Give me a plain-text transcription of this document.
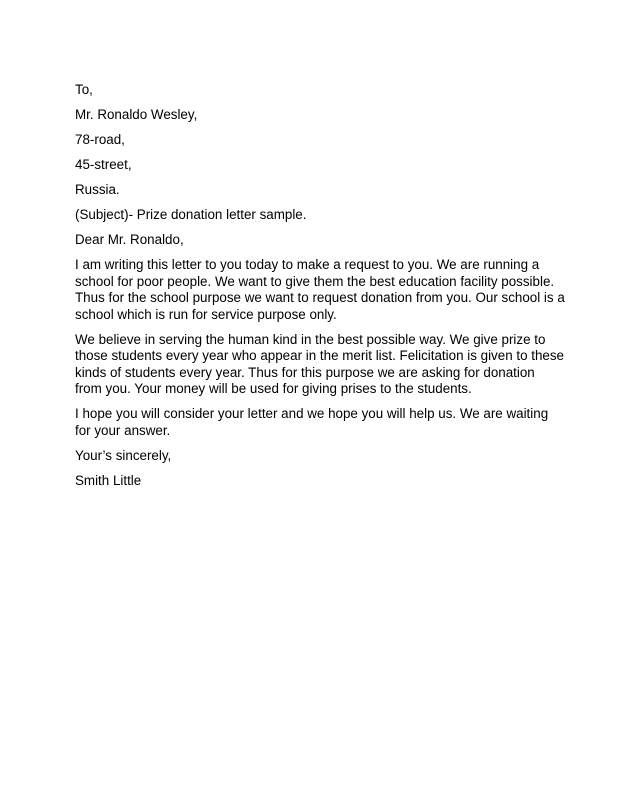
To,

Mr. Ronaldo Wesley,

78-road,

45-street,

Russia.

(Subject)- Prize donation letter sample.

Dear Mr. Ronaldo,

I am writing this letter to you today to make a request to you. We are running a school for poor people. We want to give them the best education facility possible. Thus for the school purpose we want to request donation from you. Our school is a school which is run for service purpose only.

We believe in serving the human kind in the best possible way. We give prize to those students every year who appear in the merit list. Felicitation is given to these kinds of students every year. Thus for this purpose we are asking for donation from you. Your money will be used for giving prises to the students.

I hope you will consider your letter and we hope you will help us. We are waiting for your answer.

Your’s sincerely,

Smith Little
